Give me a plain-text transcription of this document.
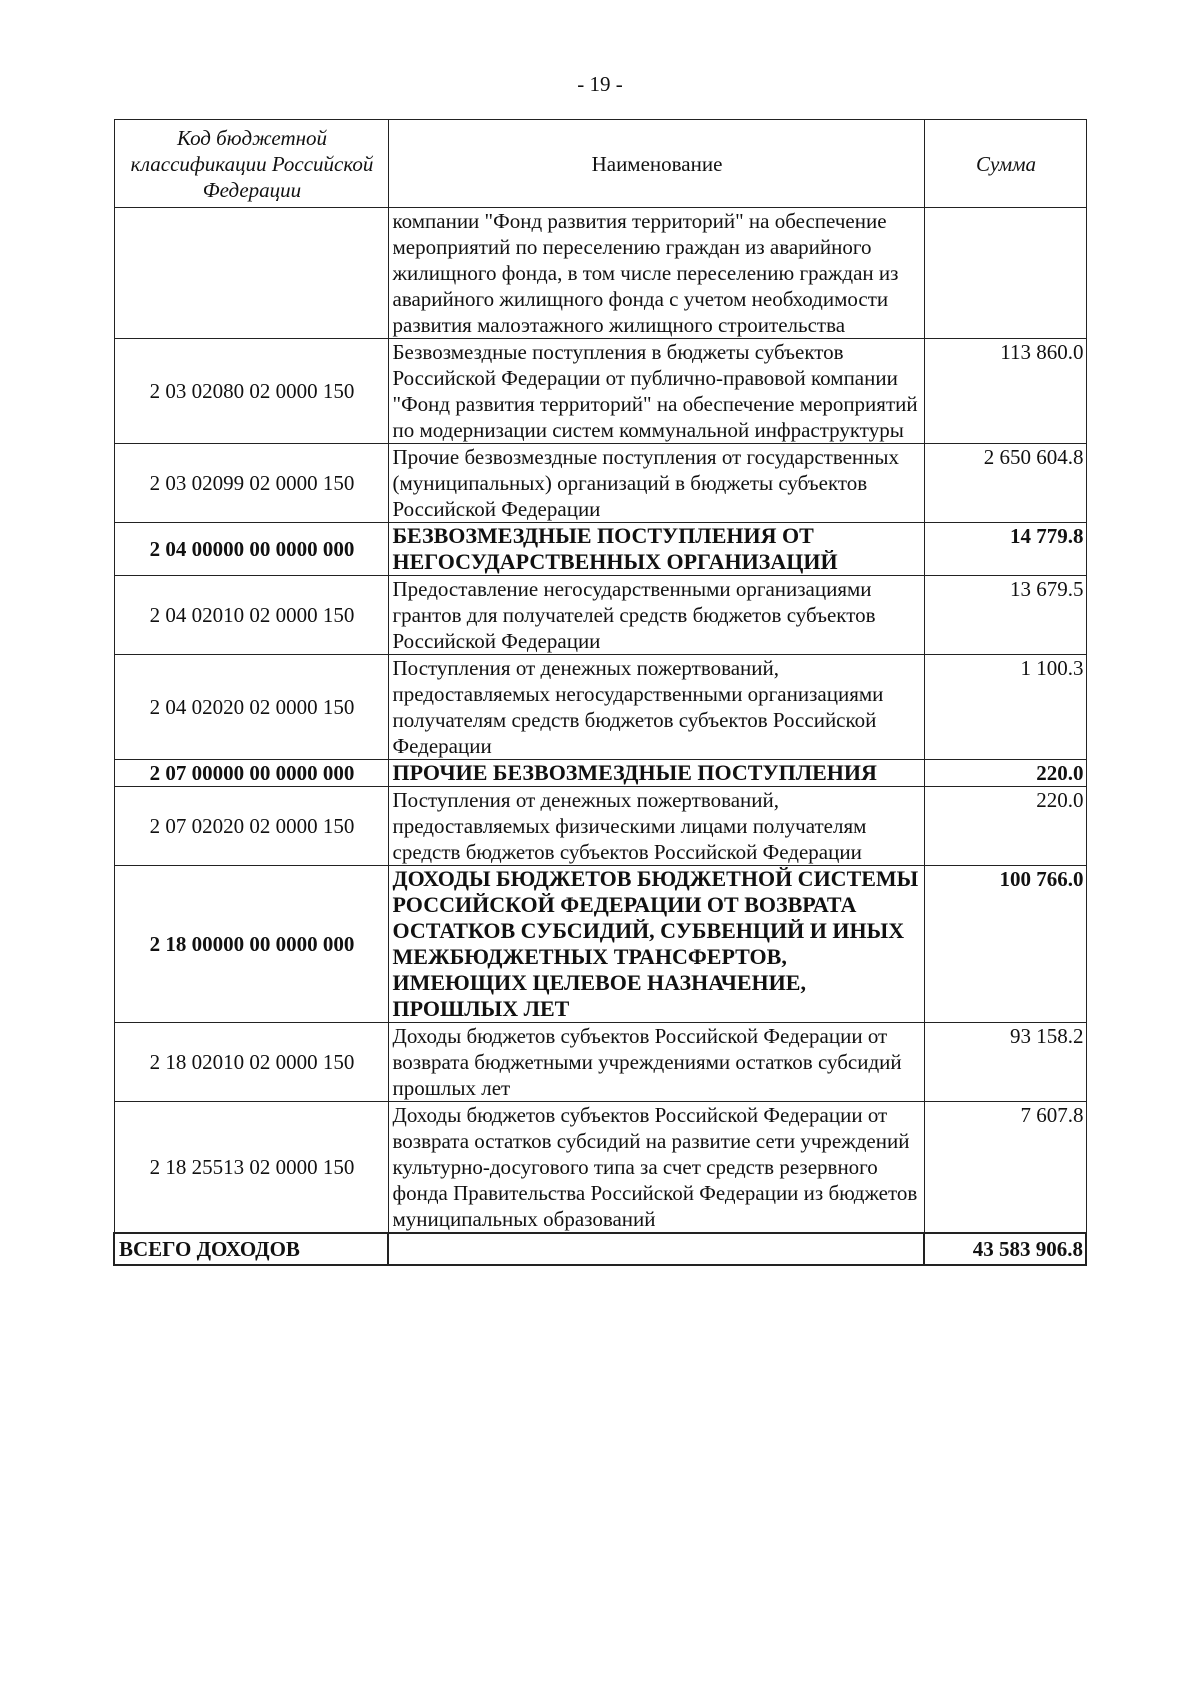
- 19 -
Код бюджетной классификации Российской Федерации	Наименование	Сумма
	компании "Фонд развития территорий" на обеспечение мероприятий по переселению граждан из аварийного жилищного фонда, в том числе переселению граждан из аварийного жилищного фонда с учетом необходимости развития малоэтажного жилищного строительства	
2 03 02080 02 0000 150	Безвозмездные поступления в бюджеты субъектов Российской Федерации от публично-правовой компании "Фонд развития территорий" на обеспечение мероприятий по модернизации систем коммунальной инфраструктуры	113 860.0
2 03 02099 02 0000 150	Прочие безвозмездные поступления от государственных (муниципальных) организаций в бюджеты субъектов Российской Федерации	2 650 604.8
2 04 00000 00 0000 000	БЕЗВОЗМЕЗДНЫЕ ПОСТУПЛЕНИЯ ОТ НЕГОСУДАРСТВЕННЫХ ОРГАНИЗАЦИЙ	14 779.8
2 04 02010 02 0000 150	Предоставление негосударственными организациями грантов для получателей средств бюджетов субъектов Российской Федерации	13 679.5
2 04 02020 02 0000 150	Поступления от денежных пожертвований, предоставляемых негосударственными организациями получателям средств бюджетов субъектов Российской Федерации	1 100.3
2 07 00000 00 0000 000	ПРОЧИЕ БЕЗВОЗМЕЗДНЫЕ ПОСТУПЛЕНИЯ	220.0
2 07 02020 02 0000 150	Поступления от денежных пожертвований, предоставляемых физическими лицами получателям средств бюджетов субъектов Российской Федерации	220.0
2 18 00000 00 0000 000	ДОХОДЫ БЮДЖЕТОВ БЮДЖЕТНОЙ СИСТЕМЫ РОССИЙСКОЙ ФЕДЕРАЦИИ ОТ ВОЗВРАТА ОСТАТКОВ СУБСИДИЙ, СУБВЕНЦИЙ И ИНЫХ МЕЖБЮДЖЕТНЫХ ТРАНСФЕРТОВ, ИМЕЮЩИХ ЦЕЛЕВОЕ НАЗНАЧЕНИЕ, ПРОШЛЫХ ЛЕТ	100 766.0
2 18 02010 02 0000 150	Доходы бюджетов субъектов Российской Федерации от возврата бюджетными учреждениями остатков субсидий прошлых лет	93 158.2
2 18 25513 02 0000 150	Доходы бюджетов субъектов Российской Федерации от возврата остатков субсидий на развитие сети учреждений культурно-досугового типа за счет средств резервного фонда Правительства Российской Федерации из бюджетов муниципальных образований	7 607.8
ВСЕГО ДОХОДОВ		43 583 906.8
